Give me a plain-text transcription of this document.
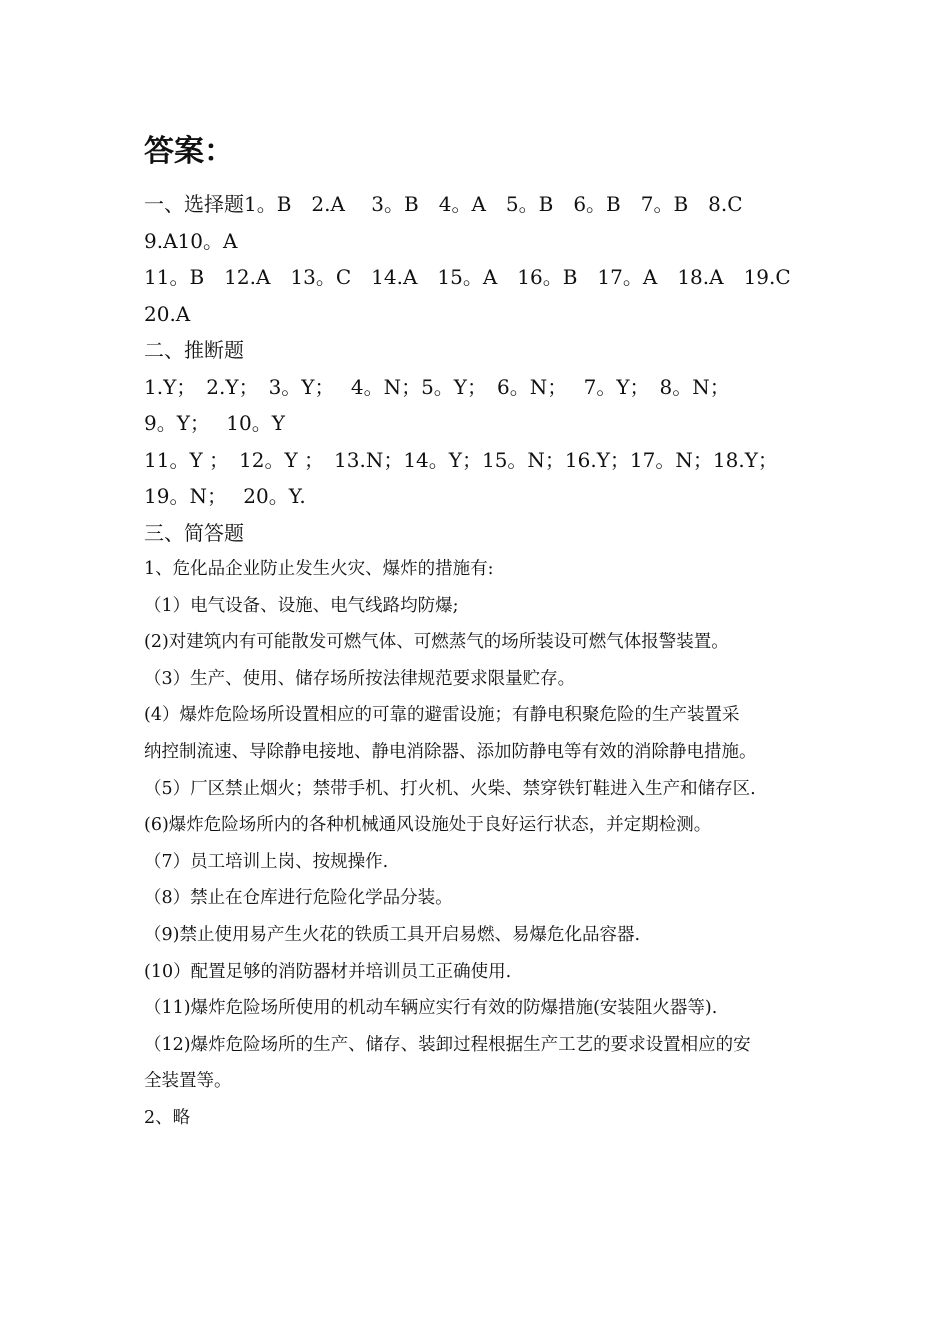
答案：
一、选择题1。B　2.A　 3。B　4。A　5。B　6。B　7。B　8.C
9.A10。A
11。B　12.A　13。C　14.A　15。A　16。B　17。A　18.A　19.C
20.A
二、推断题
1.Y；　2.Y；　3。Y；　 4。N；5。Y；　6。N；　 7。Y；　8。N；
9。Y；　 10。Y
11。Y ；　12。Y ；　13.N；14。Y；15。N；16.Y；17。N；18.Y；
19。N；　 20。Y.
三、简答题
1、危化品企业防止发生火灾、爆炸的措施有:
（1）电气设备、设施、电气线路均防爆;
(2)对建筑内有可能散发可燃气体、可燃蒸气的场所装设可燃气体报警装置。
（3）生产、使用、储存场所按法律规范要求限量贮存。
(4）爆炸危险场所设置相应的可靠的避雷设施；有静电积聚危险的生产装置采
纳控制流速、导除静电接地、静电消除器、添加防静电等有效的消除静电措施。
（5）厂区禁止烟火；禁带手机、打火机、火柴、禁穿铁钉鞋进入生产和储存区.
(6)爆炸危险场所内的各种机械通风设施处于良好运行状态，并定期检测。
（7）员工培训上岗、按规操作.
（8）禁止在仓库进行危险化学品分装。
（9)禁止使用易产生火花的铁质工具开启易燃、易爆危化品容器.
(10）配置足够的消防器材并培训员工正确使用.
（11)爆炸危险场所使用的机动车辆应实行有效的防爆措施(安装阻火器等).
（12)爆炸危险场所的生产、储存、装卸过程根据生产工艺的要求设置相应的安
全装置等。
2、略
